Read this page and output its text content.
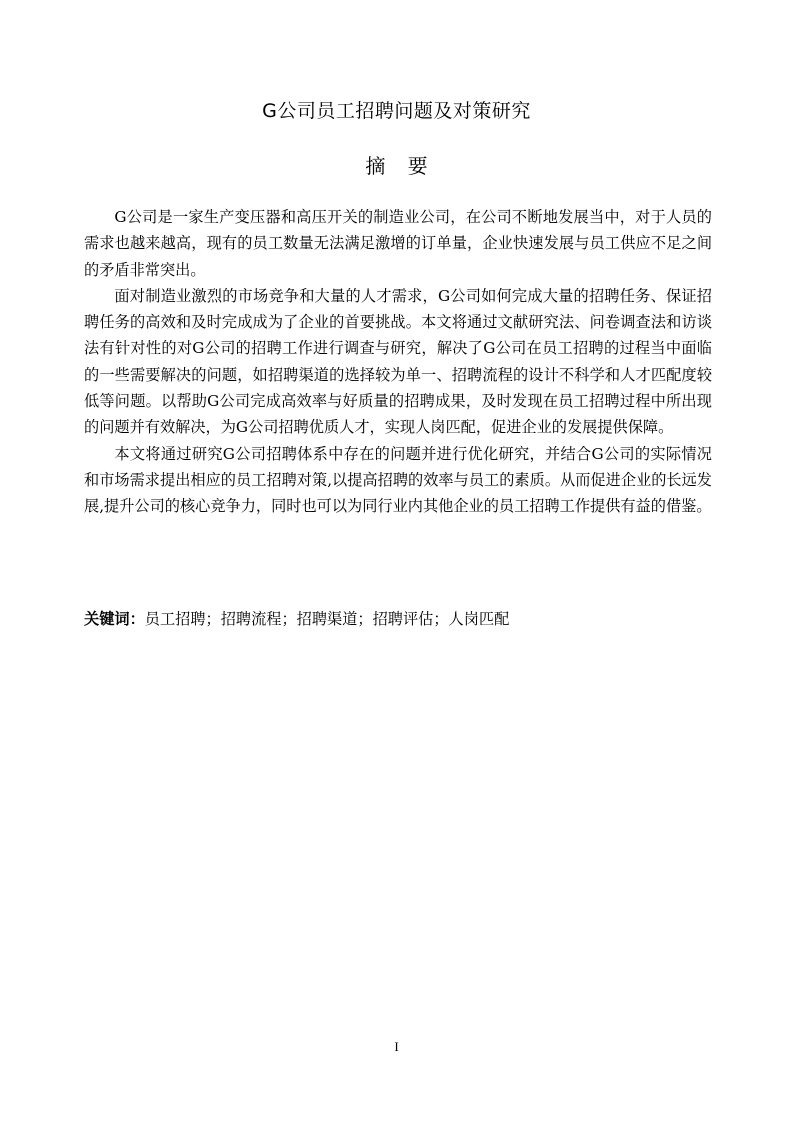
G公司员工招聘问题及对策研究
摘 要

G公司是一家生产变压器和高压开关的制造业公司，在公司不断地发展当中，对于人员的需求也越来越高，现有的员工数量无法满足激增的订单量，企业快速发展与员工供应不足之间的矛盾非常突出。

面对制造业激烈的市场竞争和大量的人才需求，G公司如何完成大量的招聘任务、保证招聘任务的高效和及时完成成为了企业的首要挑战。本文将通过文献研究法、问卷调查法和访谈法有针对性的对G公司的招聘工作进行调查与研究，解决了G公司在员工招聘的过程当中面临的一些需要解决的问题，如招聘渠道的选择较为单一、招聘流程的设计不科学和人才匹配度较低等问题。以帮助G公司完成高效率与好质量的招聘成果，及时发现在员工招聘过程中所出现的问题并有效解决，为G公司招聘优质人才，实现人岗匹配，促进企业的发展提供保障。

本文将通过研究G公司招聘体系中存在的问题并进行优化研究，并结合G公司的实际情况和市场需求提出相应的员工招聘对策,以提高招聘的效率与员工的素质。从而促进企业的长远发展,提升公司的核心竞争力，同时也可以为同行业内其他企业的员工招聘工作提供有益的借鉴。

关键词：员工招聘；招聘流程；招聘渠道；招聘评估；人岗匹配
I
